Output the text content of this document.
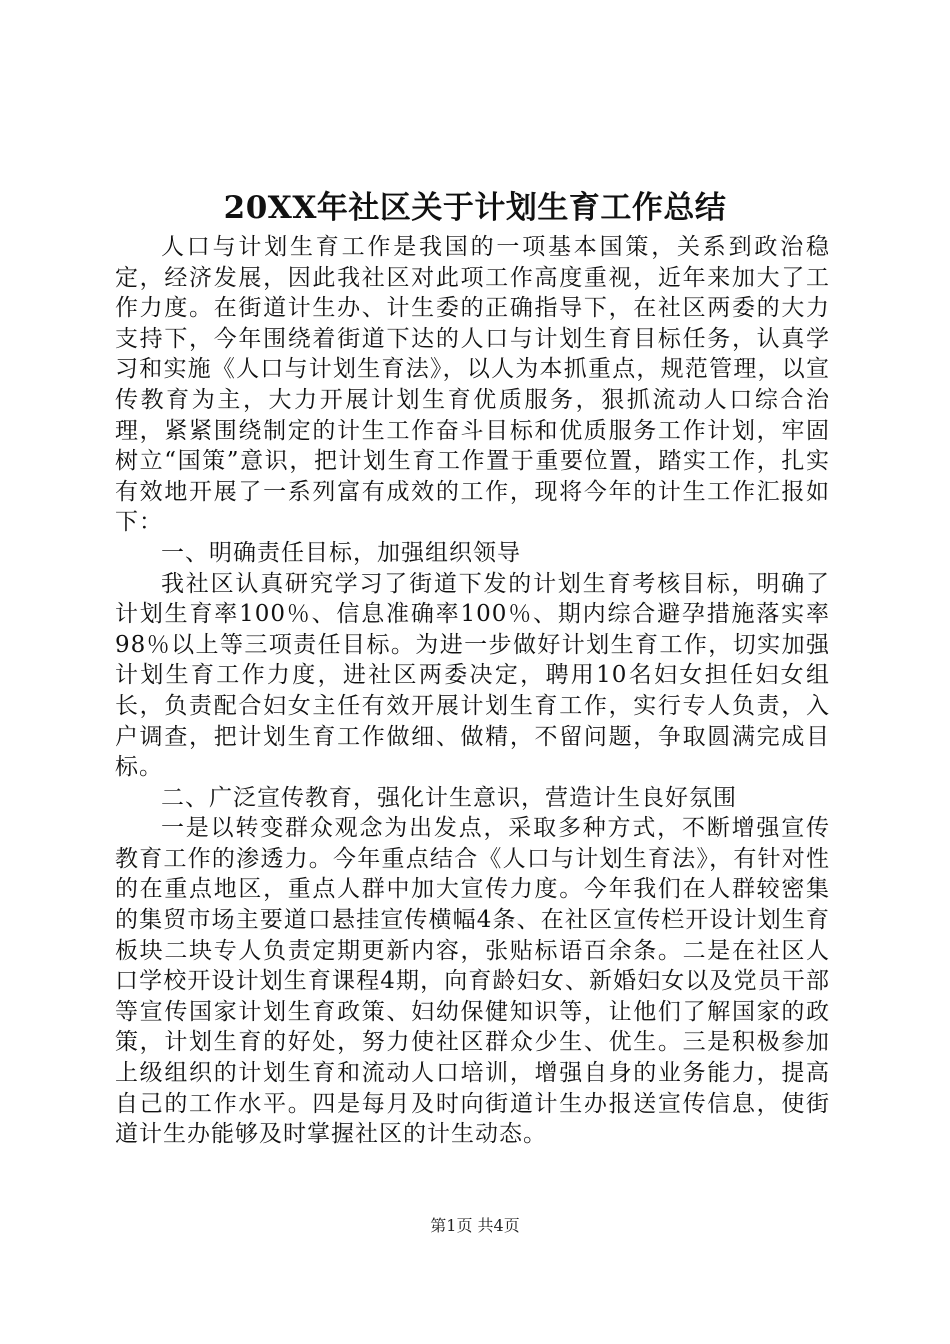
20XX年社区关于计划生育工作总结

人口与计划生育工作是我国的一项基本国策，关系到政治稳定，经济发展，因此我社区对此项工作高度重视，近年来加大了工作力度。在街道计生办、计生委的正确指导下，在社区两委的大力支持下，今年围绕着街道下达的人口与计划生育目标任务，认真学习和实施《人口与计划生育法》，以人为本抓重点，规范管理，以宣传教育为主，大力开展计划生育优质服务，狠抓流动人口综合治理，紧紧围绕制定的计生工作奋斗目标和优质服务工作计划，牢固树立“国策”意识，把计划生育工作置于重要位置，踏实工作，扎实有效地开展了一系列富有成效的工作，现将今年的计生工作汇报如下：

一、明确责任目标，加强组织领导

我社区认真研究学习了街道下发的计划生育考核目标，明确了计划生育率100％、信息准确率100％、期内综合避孕措施落实率98％以上等三项责任目标。为进一步做好计划生育工作，切实加强计划生育工作力度，进社区两委决定，聘用10名妇女担任妇女组长，负责配合妇女主任有效开展计划生育工作，实行专人负责，入户调查，把计划生育工作做细、做精，不留问题，争取圆满完成目标。

二、广泛宣传教育，强化计生意识，营造计生良好氛围

一是以转变群众观念为出发点，采取多种方式，不断增强宣传教育工作的渗透力。今年重点结合《人口与计划生育法》，有针对性的在重点地区，重点人群中加大宣传力度。今年我们在人群较密集的集贸市场主要道口悬挂宣传横幅4条、在社区宣传栏开设计划生育板块二块专人负责定期更新内容，张贴标语百余条。二是在社区人口学校开设计划生育课程4期，向育龄妇女、新婚妇女以及党员干部等宣传国家计划生育政策、妇幼保健知识等，让他们了解国家的政策，计划生育的好处，努力使社区群众少生、优生。三是积极参加上级组织的计划生育和流动人口培训，增强自身的业务能力，提高自己的工作水平。四是每月及时向街道计生办报送宣传信息，使街道计生办能够及时掌握社区的计生动态。

第1页 共4页
